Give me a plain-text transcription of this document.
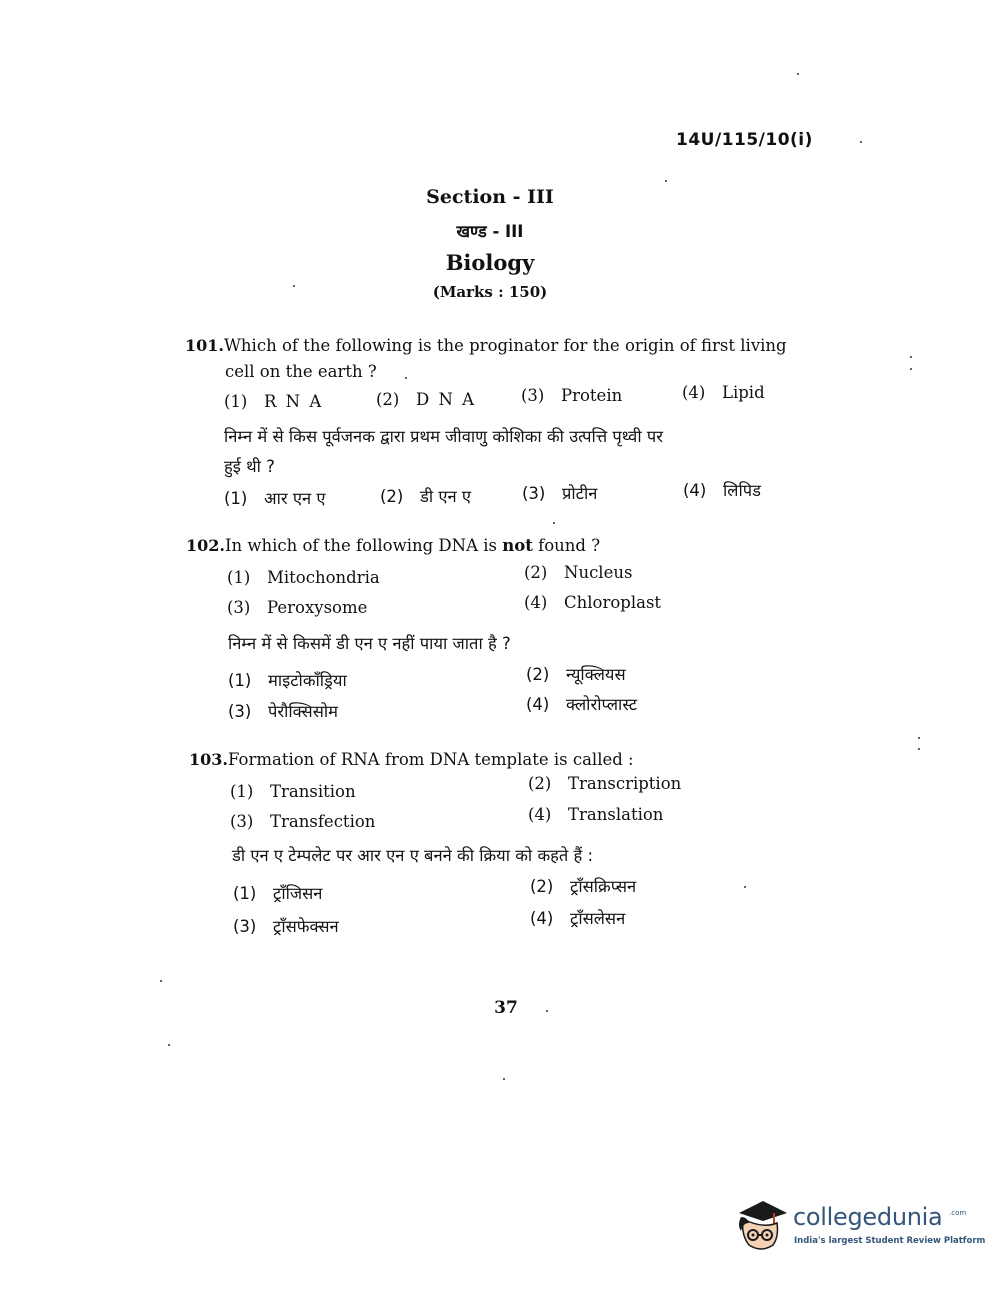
14U/115/10(i)
Section - III
खण्ड - III
Biology
(Marks : 150)
101.Which of the following is the proginator for the origin of first living
cell on the earth ?
(1) R N A	(2) D N A	(3) Protein	(4) Lipid
निम्न में से किस पूर्वजनक द्वारा प्रथम जीवाणु कोशिका की उत्पत्ति पृथ्वी पर
हुई थी ?
(1) आर एन ए	(2) डी एन ए	(3) प्रोटीन	(4) लिपिड
102.In which of the following DNA is not found ?
(1) Mitochondria	(2) Nucleus
(3) Peroxysome	(4) Chloroplast
निम्न में से किसमें डी एन ए नहीं पाया जाता है ?
(1) माइटोकॉंड्रिया	(2) न्यूक्लियस
(3) पेरौक्सिसोम	(4) क्लोरोप्लास्ट
103.Formation of RNA from DNA template is called :
(1) Transition	(2) Transcription
(3) Transfection	(4) Translation
डी एन ए टेम्पलेट पर आर एन ए बनने की क्रिया को कहते हैं :
(1) ट्राँजिसन	(2) ट्राँसक्रिप्सन
(3) ट्राँसफेक्सन	(4) ट्राँसलेसन
37
collegedunia .com
India's largest Student Review Platform
